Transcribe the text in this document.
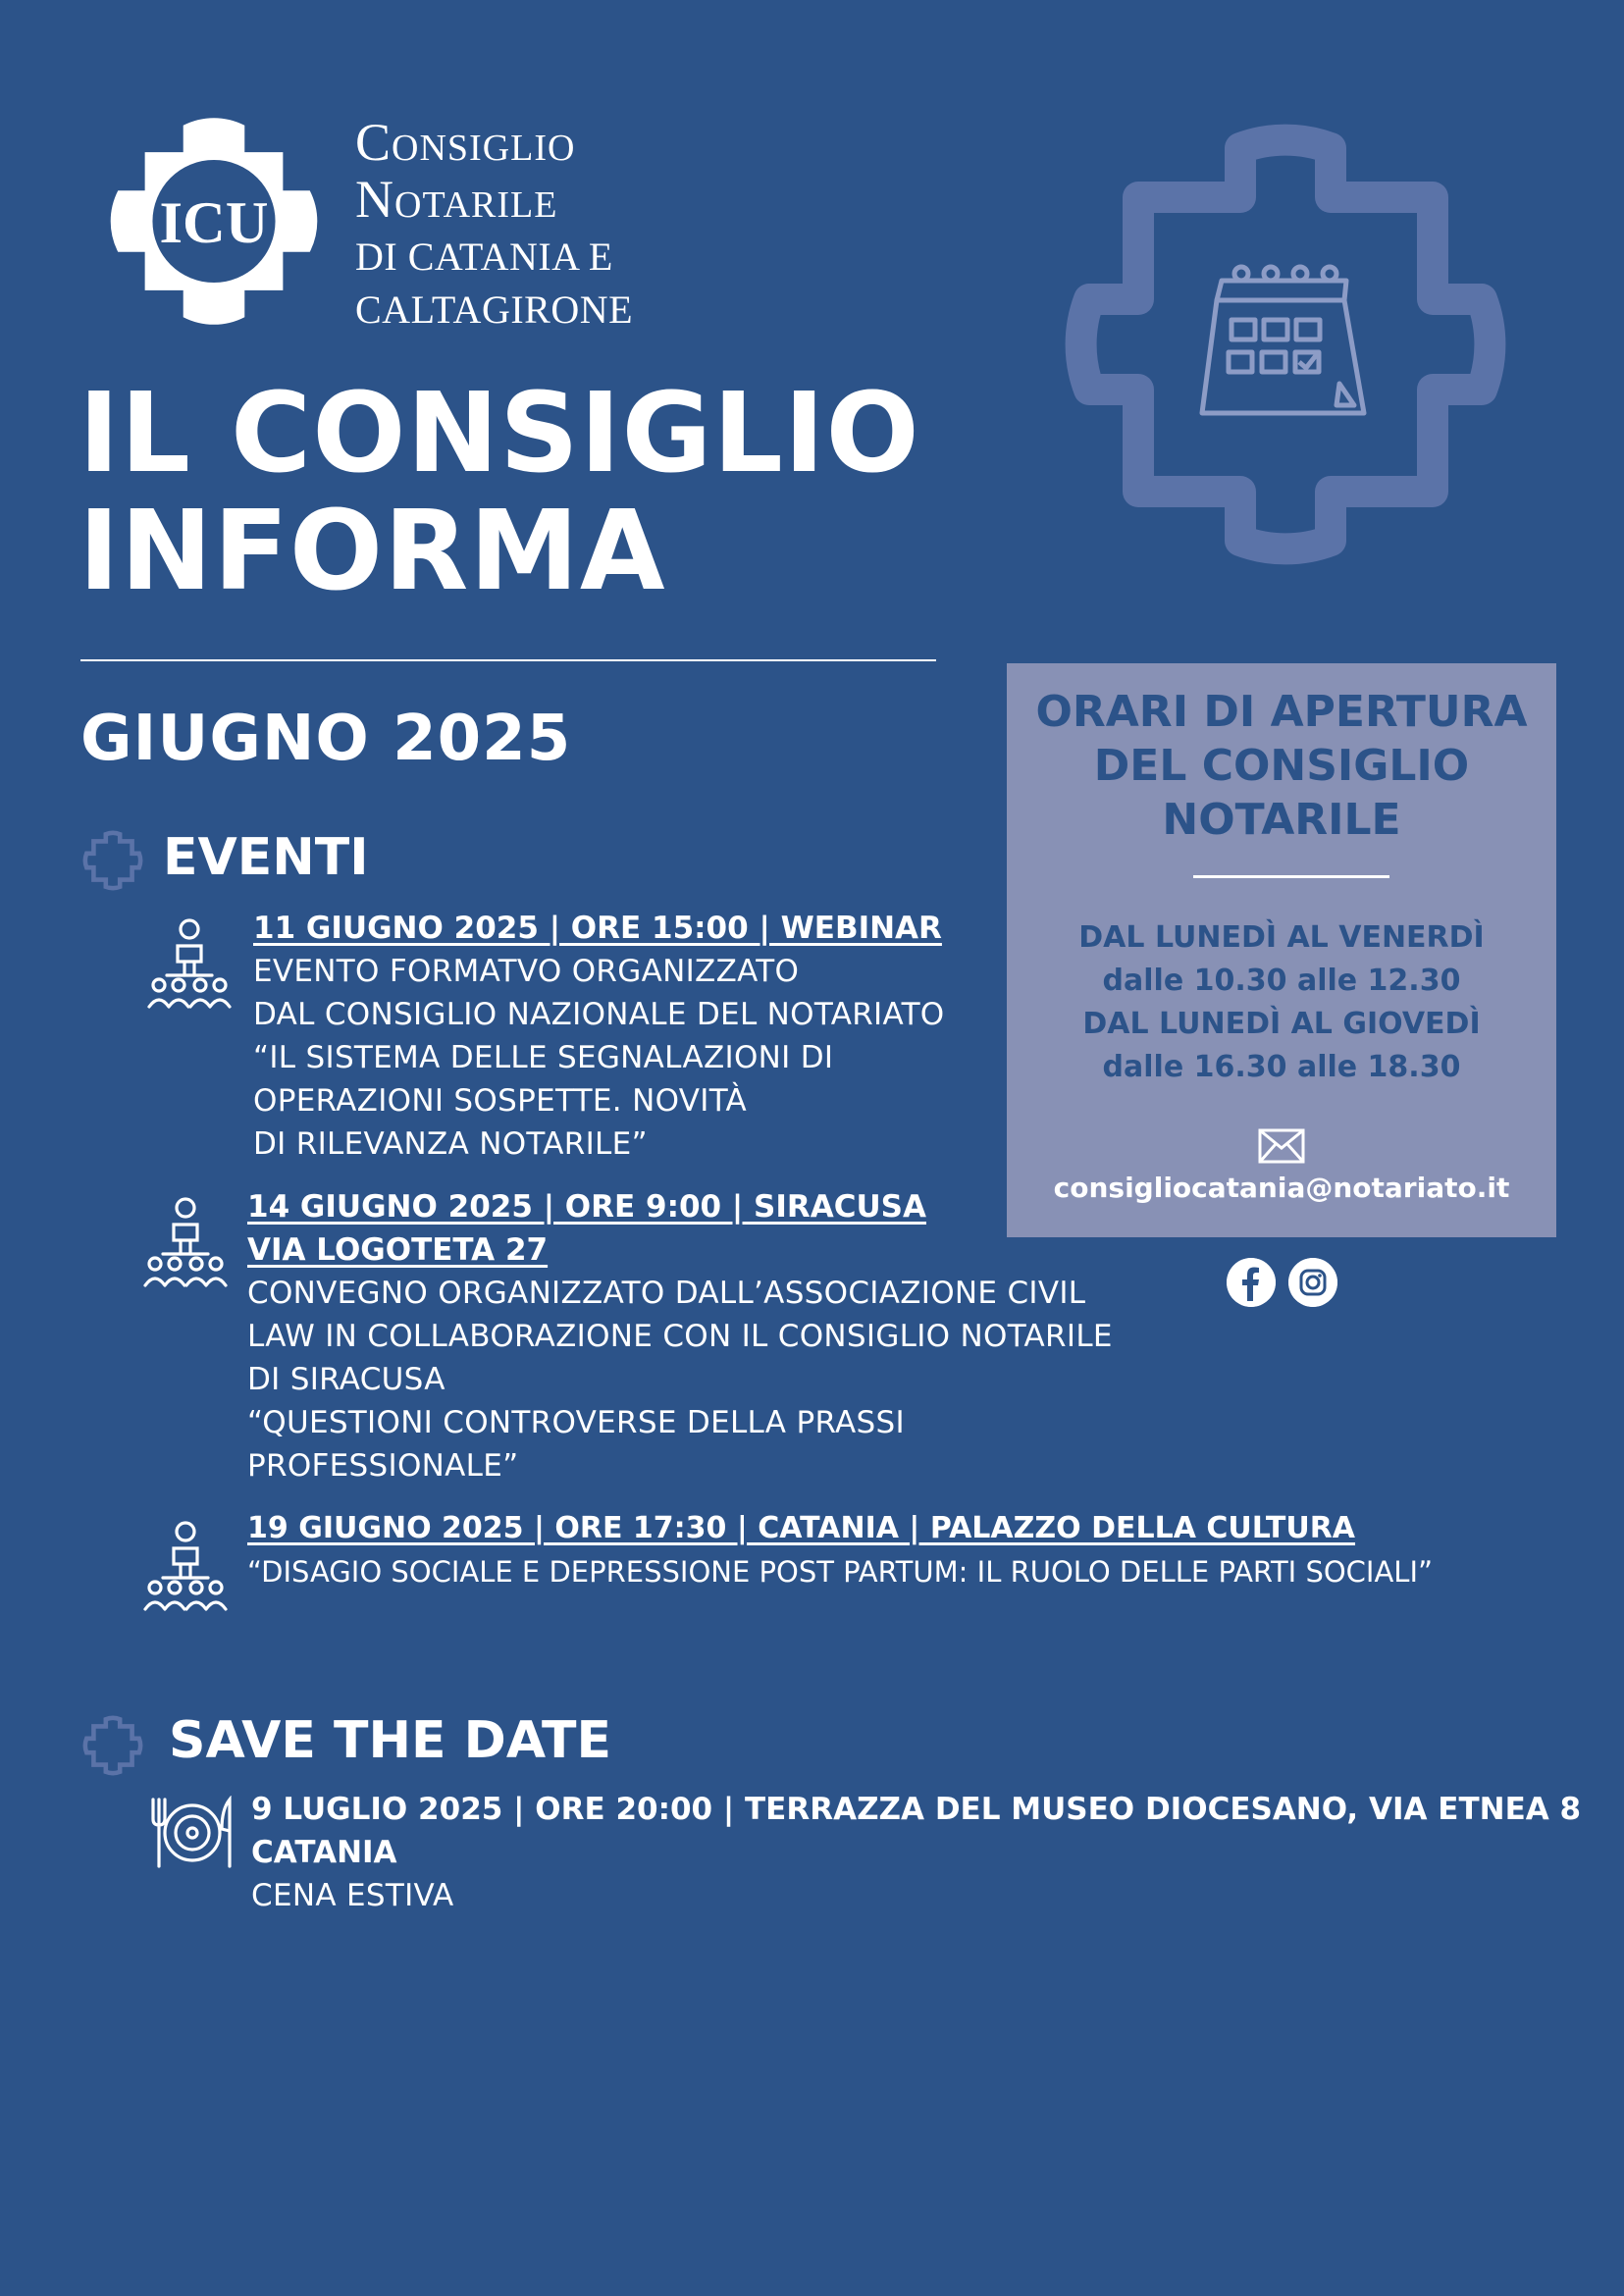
ICU
Consiglio
Notarile
DI CATANIA E
CALTAGIRONE
IL CONSIGLIO
INFORMA
GIUGNO 2025	ORARI DI APERTURA
DEL CONSIGLIO
NOTARILE
DAL LUNEDÌ AL VENERDÌ
dalle 10.30 alle 12.30
DAL LUNEDÌ AL GIOVEDÌ
dalle 16.30 alle 18.30
consigliocatania@notariato.it
EVENTI
11 GIUGNO 2025 | ORE 15:00 | WEBINAR
EVENTO FORMATVO ORGANIZZATO
DAL CONSIGLIO NAZIONALE DEL NOTARIATO
“IL SISTEMA DELLE SEGNALAZIONI DI
OPERAZIONI SOSPETTE. NOVITÀ
DI RILEVANZA NOTARILE”
14 GIUGNO 2025 | ORE 9:00 | SIRACUSA
VIA LOGOTETA 27
CONVEGNO ORGANIZZATO DALL’ASSOCIAZIONE CIVIL
LAW IN COLLABORAZIONE CON IL CONSIGLIO NOTARILE
DI SIRACUSA
“QUESTIONI CONTROVERSE DELLA PRASSI
PROFESSIONALE”
19 GIUGNO 2025 | ORE 17:30 | CATANIA | PALAZZO DELLA CULTURA
“DISAGIO SOCIALE E DEPRESSIONE POST PARTUM: IL RUOLO DELLE PARTI SOCIALI”
SAVE THE DATE
9 LUGLIO 2025 | ORE 20:00 | TERRAZZA DEL MUSEO DIOCESANO, VIA ETNEA 8
CATANIA
CENA ESTIVA
